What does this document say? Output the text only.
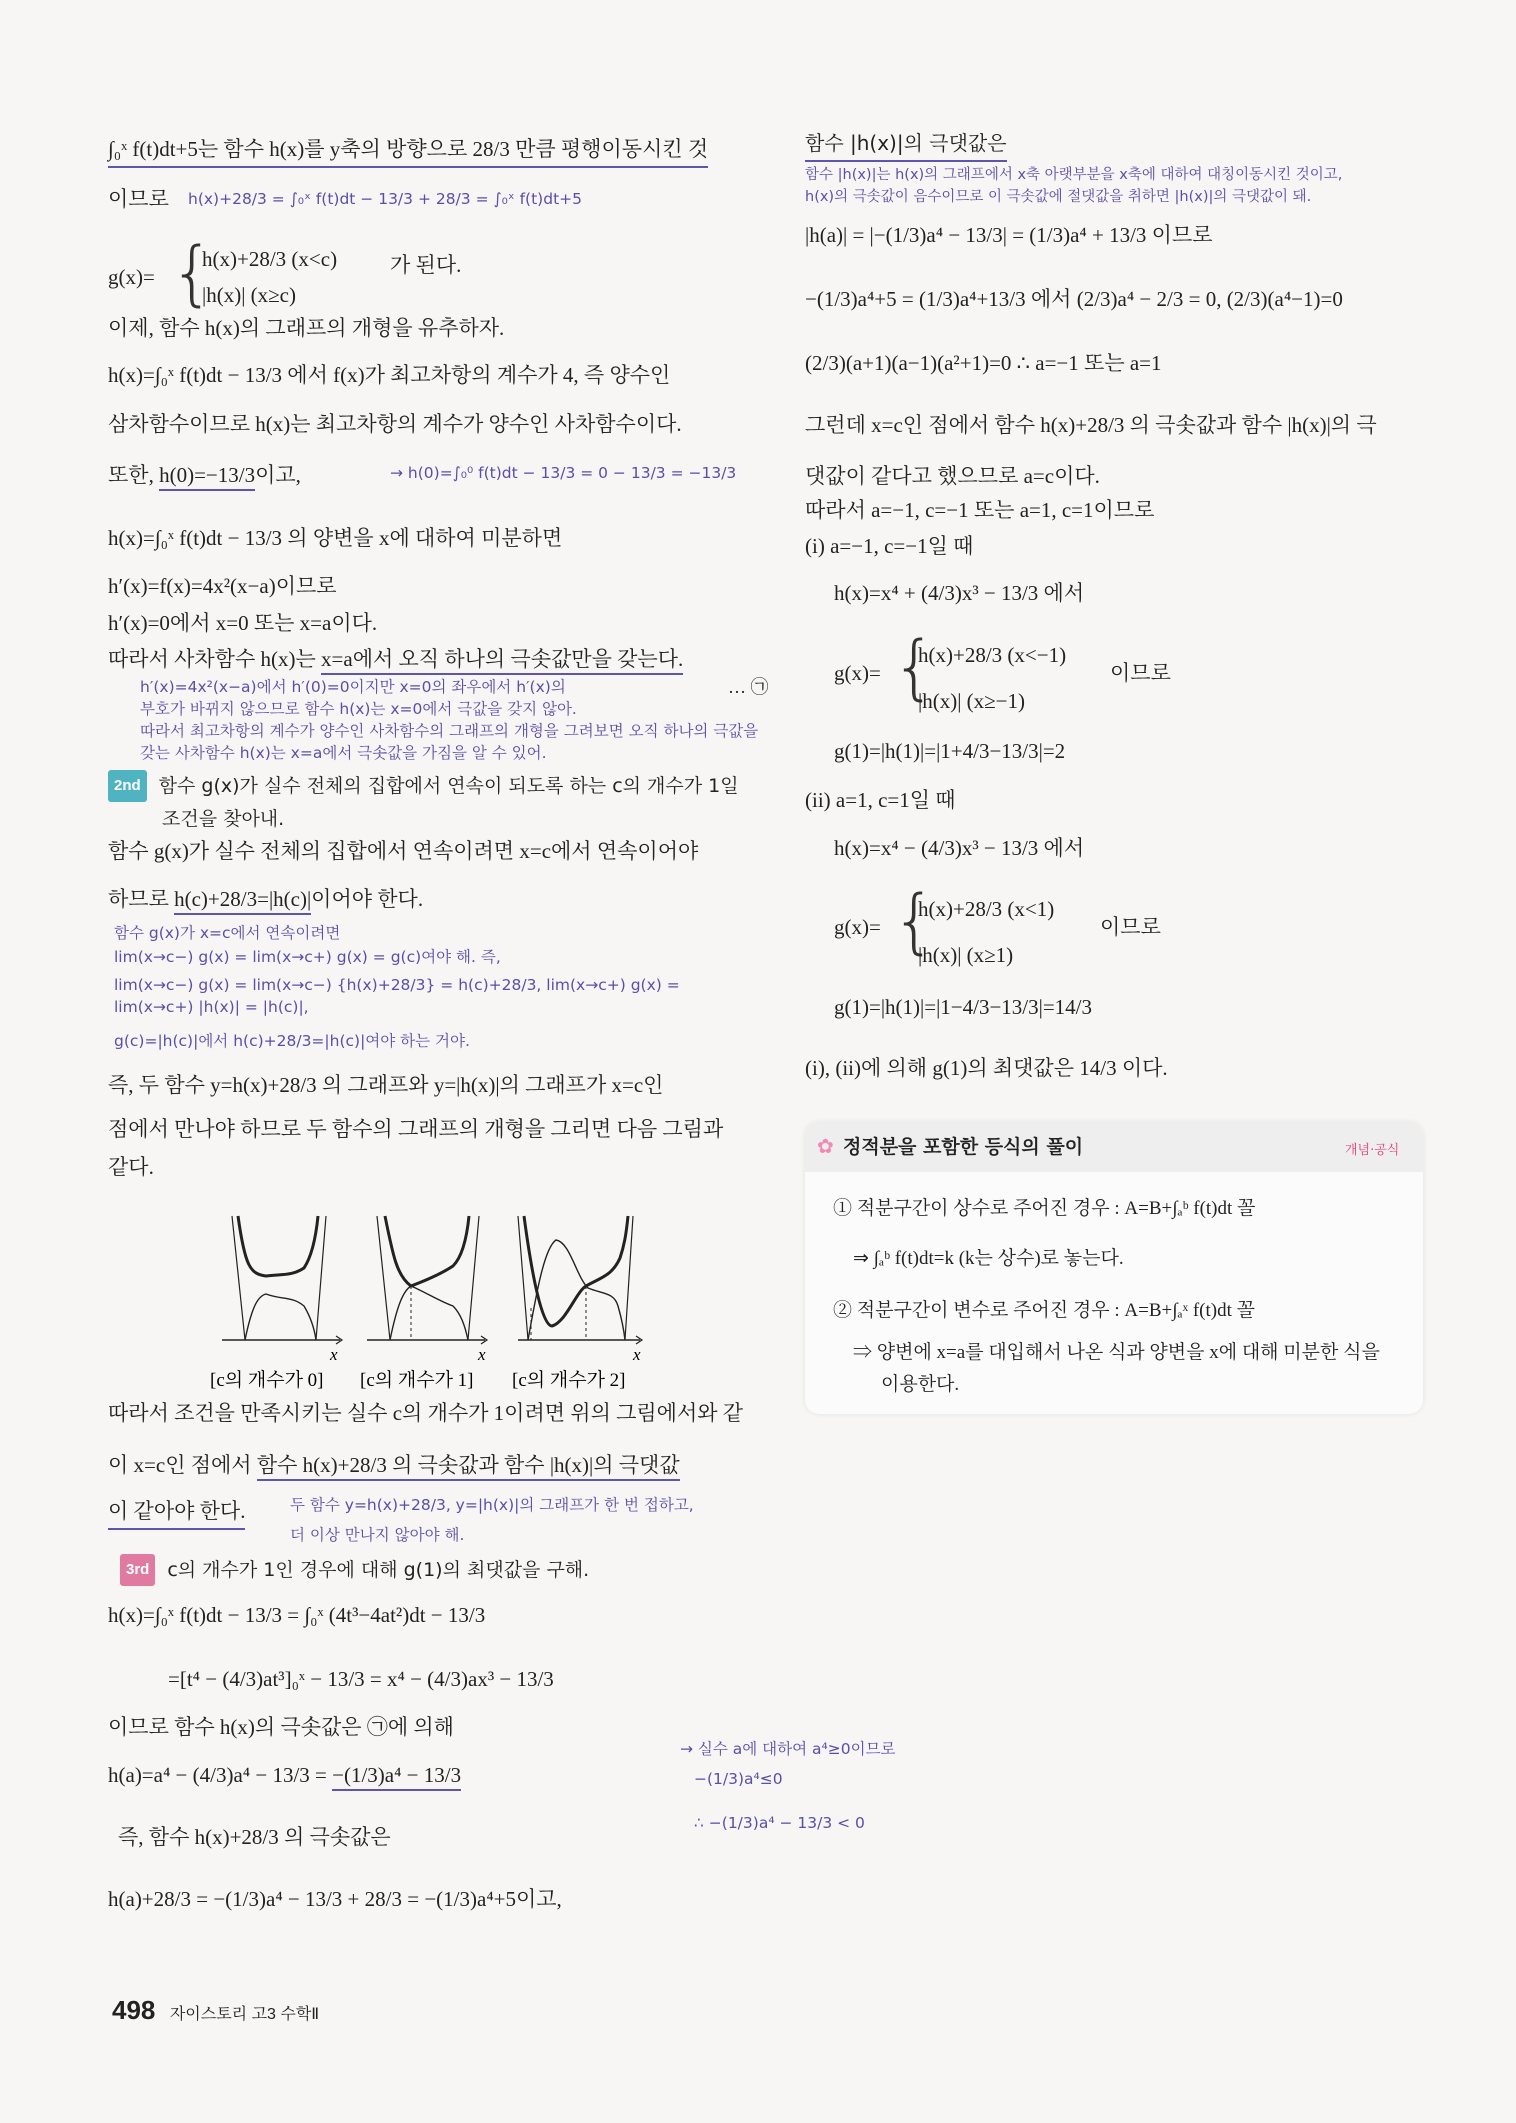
∫₀ˣ f(t)dt+5는 함수 h(x)를 y축의 방향으로 28/3 만큼 평행이동시킨 것
이므로 h(x)+28/3 = ∫₀ˣ f(t)dt − 13/3 + 28/3 = ∫₀ˣ f(t)dt+5
g(x)= {
h(x)+28/3 (x<c)
|h(x)| (x≥c)
가 된다.
이제, 함수 h(x)의 그래프의 개형을 유추하자.
h(x)=∫₀ˣ f(t)dt − 13/3 에서 f(x)가 최고차항의 계수가 4, 즉 양수인
삼차함수이므로 h(x)는 최고차항의 계수가 양수인 사차함수이다.
또한, h(0)=−13/3이고,	→ h(0)=∫₀⁰ f(t)dt − 13/3 = 0 − 13/3 = −13/3
h(x)=∫₀ˣ f(t)dt − 13/3 의 양변을 x에 대하여 미분하면
h′(x)=f(x)=4x²(x−a)이므로
h′(x)=0에서 x=0 또는 x=a이다.
따라서 사차함수 h(x)는 x=a에서 오직 하나의 극솟값만을 갖는다.
h′(x)=4x²(x−a)에서 h′(0)=0이지만 x=0의 좌우에서 h′(x)의
부호가 바뀌지 않으므로 함수 h(x)는 x=0에서 극값을 갖지 않아.
따라서 최고차항의 계수가 양수인 사차함수의 그래프의 개형을 그려보면 오직 하나의 극값을
갖는 사차함수 h(x)는 x=a에서 극솟값을 가짐을 알 수 있어.
… ㉠
2nd 함수 g(x)가 실수 전체의 집합에서 연속이 되도록 하는 c의 개수가 1일
조건을 찾아내.
함수 g(x)가 실수 전체의 집합에서 연속이려면 x=c에서 연속이어야
하므로 h(c)+28/3=|h(c)|이어야 한다.
함수 g(x)가 x=c에서 연속이려면
lim(x→c−) g(x) = lim(x→c+) g(x) = g(c)여야 해. 즉,
lim(x→c−) g(x) = lim(x→c−) {h(x)+28/3} = h(c)+28/3, lim(x→c+) g(x) = lim(x→c+) |h(x)| = |h(c)|,
g(c)=|h(c)|에서 h(c)+28/3=|h(c)|여야 하는 거야.
즉, 두 함수 y=h(x)+28/3 의 그래프와 y=|h(x)|의 그래프가 x=c인
점에서 만나야 하므로 두 함수의 그래프의 개형을 그리면 다음 그림과
같다.
x	x	x
[c의 개수가 0] [c의 개수가 1] [c의 개수가 2]
따라서 조건을 만족시키는 실수 c의 개수가 1이려면 위의 그림에서와 같
이 x=c인 점에서 함수 h(x)+28/3 의 극솟값과 함수 |h(x)|의 극댓값
이 같아야 한다.	두 함수 y=h(x)+28/3, y=|h(x)|의 그래프가 한 번 접하고,
더 이상 만나지 않아야 해.
3rd c의 개수가 1인 경우에 대해 g(1)의 최댓값을 구해.
h(x)=∫₀ˣ f(t)dt − 13/3 = ∫₀ˣ (4t³−4at²)dt − 13/3
=[t⁴ − (4/3)at³]₀ˣ − 13/3 = x⁴ − (4/3)ax³ − 13/3
이므로 함수 h(x)의 극솟값은 ㉠에 의해
h(a)=a⁴ − (4/3)a⁴ − 13/3 = −(1/3)a⁴ − 13/3
→ 실수 a에 대하여 a⁴≥0이므로
−(1/3)a⁴≤0
∴ −(1/3)a⁴ − 13/3 < 0
즉, 함수 h(x)+28/3 의 극솟값은
h(a)+28/3 = −(1/3)a⁴ − 13/3 + 28/3 = −(1/3)a⁴+5이고,
함수 |h(x)|의 극댓값은
함수 |h(x)|는 h(x)의 그래프에서 x축 아랫부분을 x축에 대하여 대칭이동시킨 것이고,
h(x)의 극솟값이 음수이므로 이 극솟값에 절댓값을 취하면 |h(x)|의 극댓값이 돼.
|h(a)| = |−(1/3)a⁴ − 13/3| = (1/3)a⁴ + 13/3 이므로
−(1/3)a⁴+5 = (1/3)a⁴+13/3 에서 (2/3)a⁴ − 2/3 = 0, (2/3)(a⁴−1)=0
(2/3)(a+1)(a−1)(a²+1)=0 ∴ a=−1 또는 a=1
그런데 x=c인 점에서 함수 h(x)+28/3 의 극솟값과 함수 |h(x)|의 극
댓값이 같다고 했으므로 a=c이다.
따라서 a=−1, c=−1 또는 a=1, c=1이므로
(i) a=−1, c=−1일 때
h(x)=x⁴ + (4/3)x³ − 13/3 에서
g(x)= {
h(x)+28/3 (x<−1)
|h(x)| (x≥−1)
이므로
g(1)=|h(1)|=|1+4/3−13/3|=2
(ii) a=1, c=1일 때
h(x)=x⁴ − (4/3)x³ − 13/3 에서
g(x)= {
h(x)+28/3 (x<1)
|h(x)| (x≥1)
이므로
g(1)=|h(1)|=|1−4/3−13/3|=14/3
(i), (ii)에 의해 g(1)의 최댓값은 14/3 이다.
✿ 정적분을 포함한 등식의 풀이	개념·공식
① 적분구간이 상수로 주어진 경우 : A=B+∫ₐᵇ f(t)dt 꼴
⇒ ∫ₐᵇ f(t)dt=k (k는 상수)로 놓는다.
② 적분구간이 변수로 주어진 경우 : A=B+∫ₐˣ f(t)dt 꼴
⇒ 양변에 x=a를 대입해서 나온 식과 양변을 x에 대해 미분한 식을
이용한다.
498 자이스토리 고3 수학Ⅱ
